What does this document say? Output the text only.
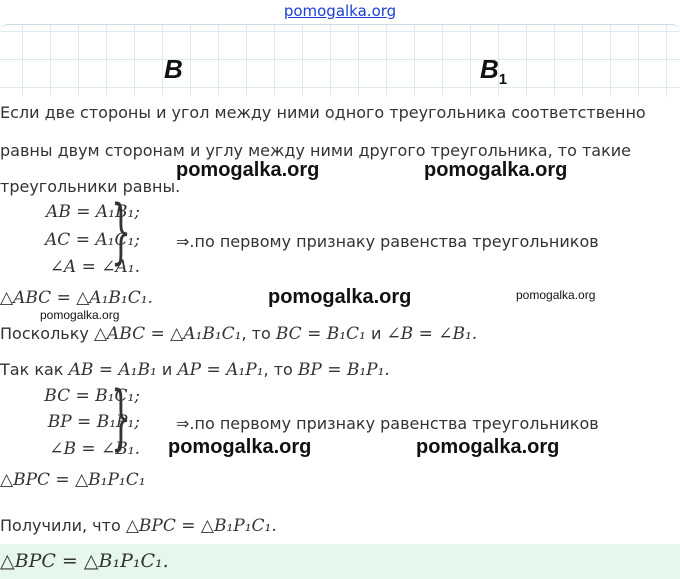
pomogalka.org
B	$B_1$
Если две стороны и угол между ними одного треугольника соответственно
равны двум сторонам и углу между ними другого треугольника, то такие
треугольники равны.
pomogalka.org	pomogalka.org
AB = A₁B₁;
AC = A₁C₁;
∠A = ∠A₁.
}	⇒.по первому признаку равенства треугольников
△ABC = △A₁B₁C₁.	pomogalka.org	pomogalka.org
pomogalka.org
Поскольку △ABC = △A₁B₁C₁, то BC = B₁C₁ и ∠B = ∠B₁.
Так как AB = A₁B₁ и AP = A₁P₁, то BP = B₁P₁.
BC = B₁C₁;
BP = B₁P₁;
∠B = ∠B₁.
}	⇒.по первому признаку равенства треугольников
pomogalka.org	pomogalka.org
△BPC = △B₁P₁C₁
Получили, что △BPC = △B₁P₁C₁.
△BPC = △B₁P₁C₁.
